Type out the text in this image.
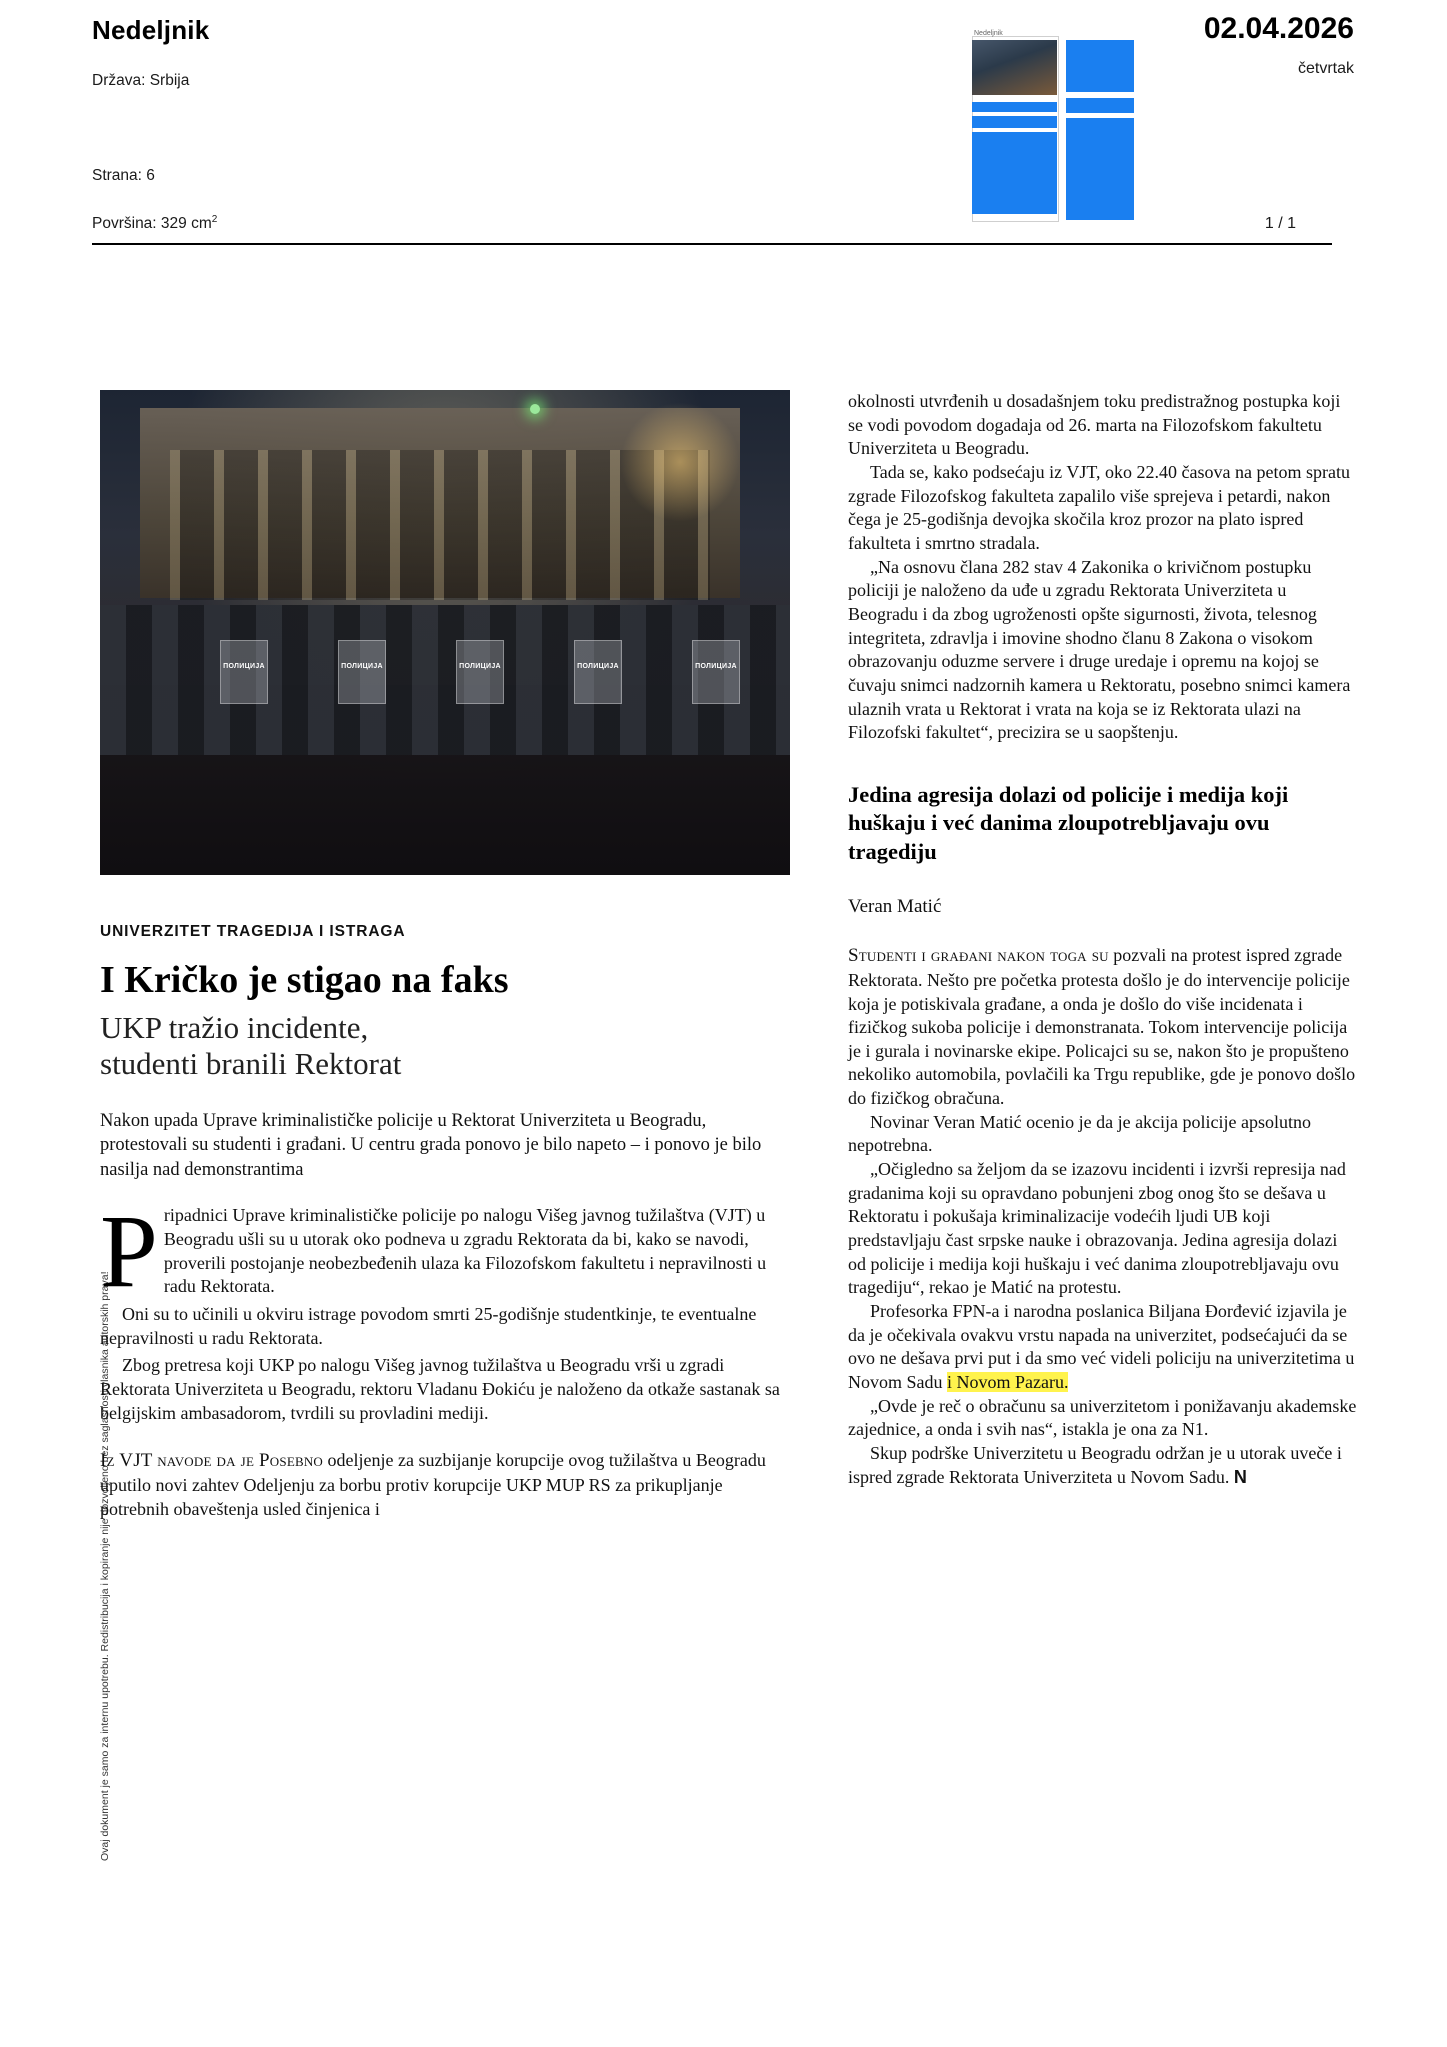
Nedeljnik
Država: Srbija
Strana: 6
Površina: 329 $cm^2$
02.04.2026
četvrtak
1 / 1
Nedeljnik

Ovaj dokument je samo za internu upotrebu. Redistribucija i kopiranje nije dozvoljeno bez saglasnosti vlasnika autorskih prava!
ПОЛИЦИЈА	ПОЛИЦИЈА	ПОЛИЦИЈА	ПОЛИЦИЈА	ПОЛИЦИЈА
UNIVERZITET TRAGEDIJA I ISTRAGA
I Kričko je stigao na faks
UKP tražio incidente,
studenti branili Rektorat
Nakon upada Uprave kriminalističke policije u Rektorat Univerziteta u Beogradu, protestovali su studenti i građani. U centru grada ponovo je bilo napeto – i ponovo je bilo nasilja nad demonstrantima
P ripadnici Uprave kriminalističke policije po nalogu Višeg javnog tužilaštva (VJT) u Beogradu ušli su u utorak oko podneva u zgradu Rektorata da bi, kako se navodi, proverili postojanje neobezbeđenih ulaza ka Filozofskom fakultetu i nepravilnosti u radu Rektorata.

Oni su to učinili u okviru istrage povodom smrti 25-godišnje studentkinje, te eventualne nepravilnosti u radu Rektorata.

Zbog pretresa koji UKP po nalogu Višeg javnog tužilaštva u Beogradu vrši u zgradi Rektorata Univerziteta u Beogradu, rektoru Vladanu Đokiću je naloženo da otkaže sastanak sa belgijskim ambasadorom, tvrdili su provladini mediji.

Iz VJT navode da je Posebno odeljenje za suzbijanje korupcije ovog tužilaštva u Beogradu uputilo novi zahtev Odeljenju za borbu protiv korupcije UKP MUP RS za prikupljanje potrebnih obaveštenja usled činjenica i

okolnosti utvrđenih u dosadašnjem toku predistražnog postupka koji se vodi povodom dogadaja od 26. marta na Filozofskom fakultetu Univerziteta u Beogradu.

Tada se, kako podsećaju iz VJT, oko 22.40 časova na petom spratu zgrade Filozofskog fakulteta zapalilo više sprejeva i petardi, nakon čega je 25-godišnja devojka skočila kroz prozor na plato ispred fakulteta i smrtno stradala.

„Na osnovu člana 282 stav 4 Zakonika o krivičnom postupku policiji je naloženo da uđe u zgradu Rektorata Univerziteta u Beogradu i da zbog ugroženosti opšte sigurnosti, života, telesnog integriteta, zdravlja i imovine shodno članu 8 Zakona o visokom obrazovanju oduzme servere i druge uredaje i opremu na kojoj se čuvaju snimci nadzornih kamera u Rektoratu, posebno snimci kamera ulaznih vrata u Rektorat i vrata na koja se iz Rektorata ulazi na Filozofski fakultet“, precizira se u saopštenju.

Jedina agresija dolazi od policije i medija koji huškaju i već danima zloupotrebljavaju ovu tragediju
Veran Matić

Studenti i građani nakon toga su pozvali na protest ispred zgrade Rektorata. Nešto pre početka protesta došlo je do intervencije policije koja je potiskivala građane, a onda je došlo do više incidenata i fizičkog sukoba policije i demonstranata. Tokom intervencije policija je i gurala i novinarske ekipe. Policajci su se, nakon što je propušteno nekoliko automobila, povlačili ka Trgu republike, gde je ponovo došlo do fizičkog obračuna.

Novinar Veran Matić ocenio je da je akcija policije apsolutno nepotrebna.

„Očigledno sa željom da se izazovu incidenti i izvrši represija nad gradanima koji su opravdano pobunjeni zbog onog što se dešava u Rektoratu i pokušaja kriminalizacije vodećih ljudi UB koji predstavljaju čast srpske nauke i obrazovanja. Jedina agresija dolazi od policije i medija koji huškaju i već danima zloupotrebljavaju ovu tragediju“, rekao je Matić na protestu.

Profesorka FPN-a i narodna poslanica Biljana Đorđević izjavila je da je očekivala ovakvu vrstu napada na univerzitet, podsećajući da se ovo ne dešava prvi put i da smo već videli policiju na univerzitetima u Novom Sadu i Novom Pazaru.

„Ovde je reč o obračunu sa univerzitetom i ponižavanju akademske zajednice, a onda i svih nas“, istakla je ona za N1.

Skup podrške Univerzitetu u Beogradu održan je u utorak uveče i ispred zgrade Rektorata Univerziteta u Novom Sadu. N
